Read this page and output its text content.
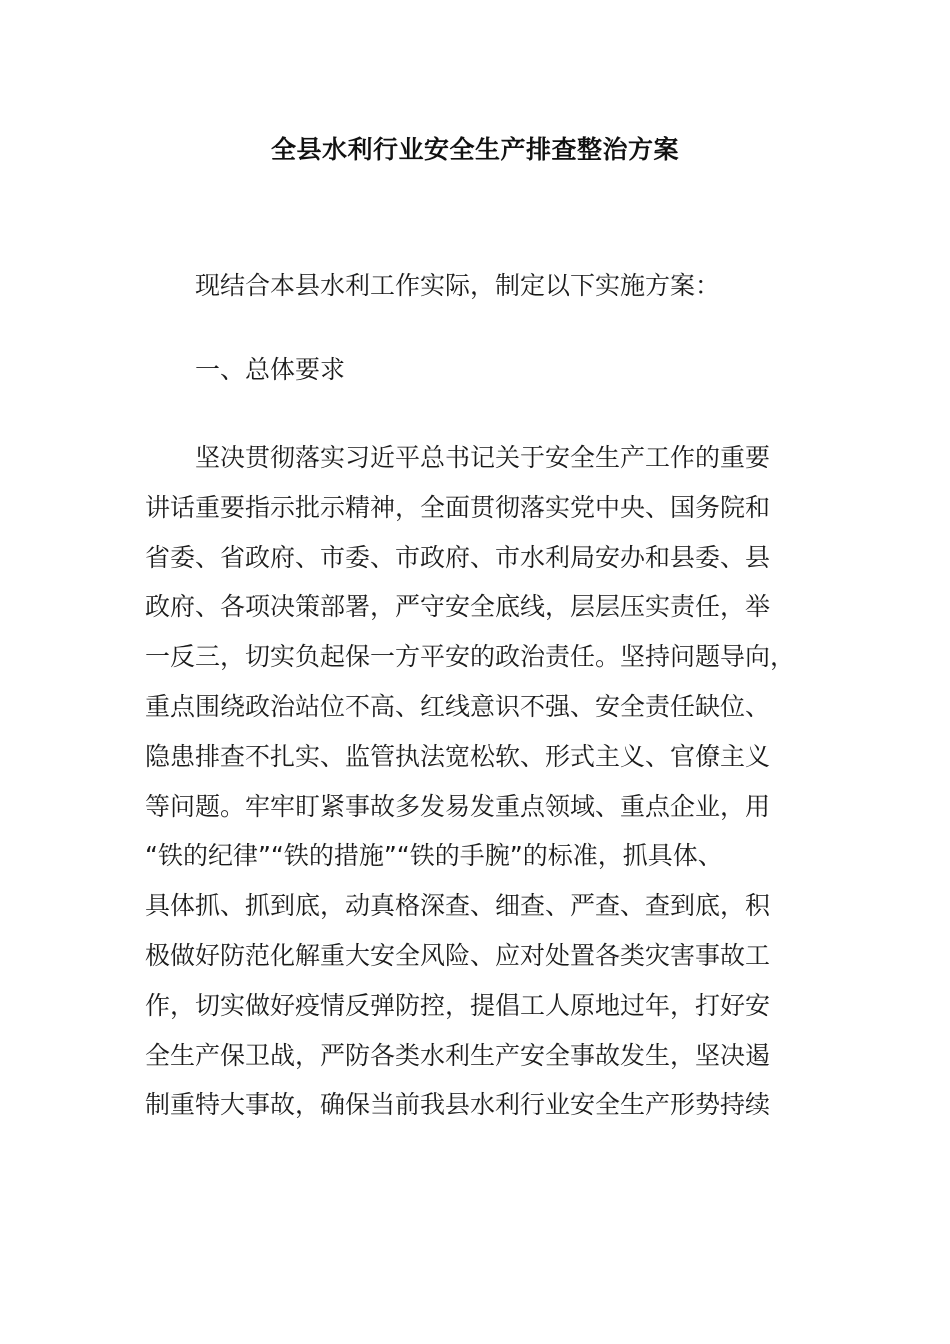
全县水利行业安全生产排查整治方案
现结合本县水利工作实际，制定以下实施方案：
一、总体要求
坚决贯彻落实习近平总书记关于安全生产工作的重要
讲话重要指示批示精神，全面贯彻落实党中央、国务院和
省委、省政府、市委、市政府、市水利局安办和县委、县
政府、各项决策部署，严守安全底线，层层压实责任，举
一反三，切实负起保一方平安的政治责任。坚持问题导向，
重点围绕政治站位不高、红线意识不强、安全责任缺位、
隐患排查不扎实、监管执法宽松软、形式主义、官僚主义
等问题。牢牢盯紧事故多发易发重点领域、重点企业，用
“铁的纪律”“铁的措施”“铁的手腕”的标准，抓具体、
具体抓、抓到底，动真格深查、细查、严查、查到底，积
极做好防范化解重大安全风险、应对处置各类灾害事故工
作，切实做好疫情反弹防控，提倡工人原地过年，打好安
全生产保卫战，严防各类水利生产安全事故发生，坚决遏
制重特大事故，确保当前我县水利行业安全生产形势持续
